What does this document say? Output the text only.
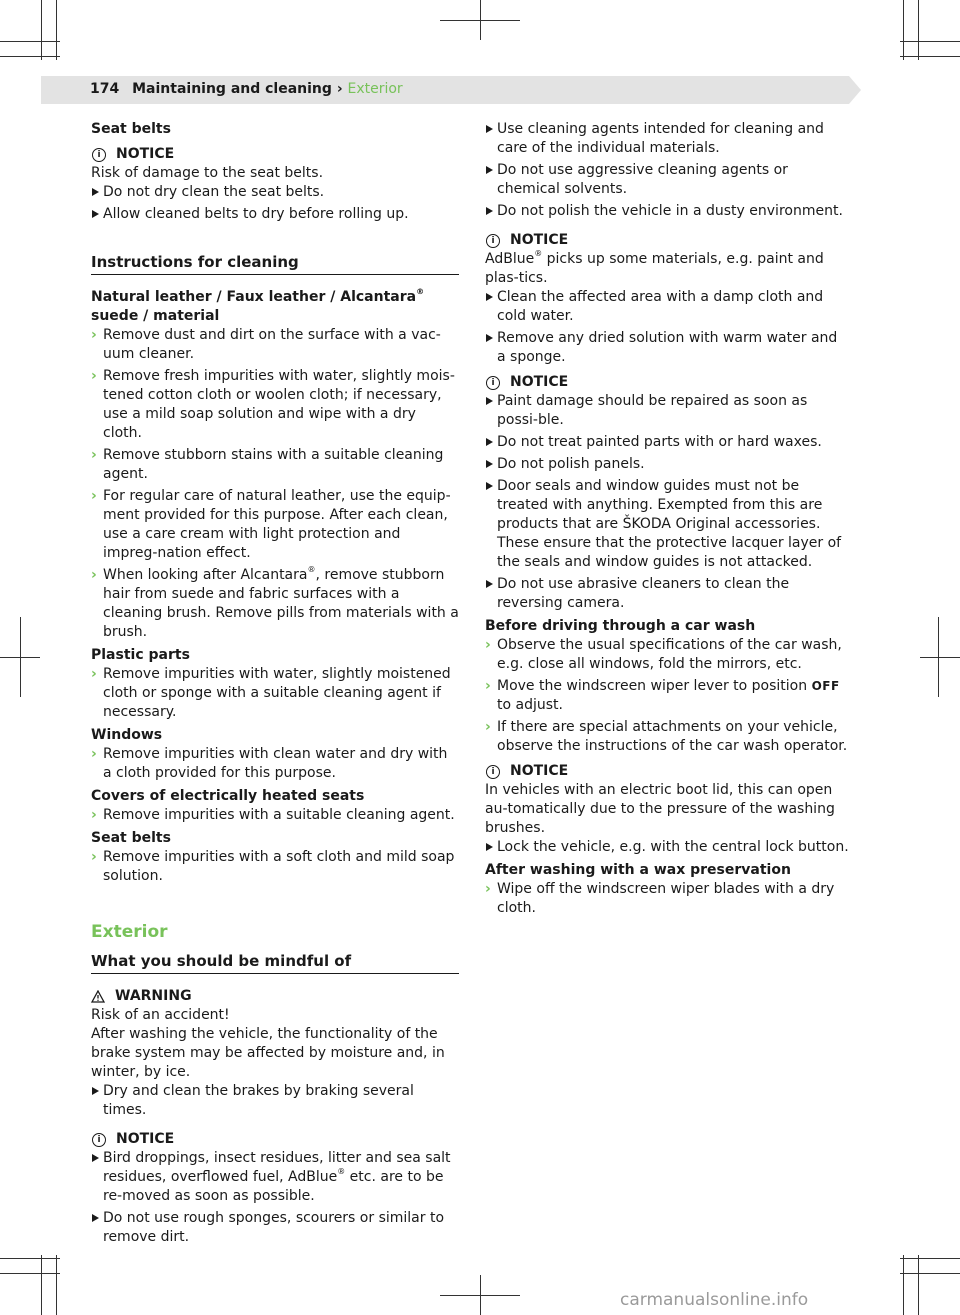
174 Maintaining and cleaning › Exterior

Seat belts

i	NOTICE

Risk of damage to the seat belts.

Do not dry clean the seat belts.

Allow cleaned belts to dry before rolling up.

Instructions for cleaning

Natural leather / Faux leather / Alcantara® suede / material

› Remove dust and dirt on the surface with a vac-uum cleaner.

› Remove fresh impurities with water, slightly mois-tened cotton cloth or woolen cloth; if necessary, use a mild soap solution and wipe with a dry cloth.

› Remove stubborn stains with a suitable cleaning agent.

› For regular care of natural leather, use the equip-ment provided for this purpose. After each clean, use a care cream with light protection and impreg-nation effect.

› When looking after Alcantara®, remove stubborn hair from suede and fabric surfaces with a cleaning brush. Remove pills from materials with a brush.

Plastic parts

› Remove impurities with water, slightly moistened cloth or sponge with a suitable cleaning agent if necessary.

Windows

› Remove impurities with clean water and dry with a cloth provided for this purpose.

Covers of electrically heated seats

› Remove impurities with a suitable cleaning agent.

Seat belts

› Remove impurities with a soft cloth and mild soap solution.

Exterior
What you should be mindful of
WARNING

Risk of an accident!

After washing the vehicle, the functionality of the brake system may be affected by moisture and, in winter, by ice.

Dry and clean the brakes by braking several times.

i	NOTICE

Bird droppings, insect residues, litter and sea salt residues, overflowed fuel, AdBlue® etc. are to be re-moved as soon as possible.

Do not use rough sponges, scourers or similar to remove dirt.

Use cleaning agents intended for cleaning and care of the individual materials.

Do not use aggressive cleaning agents or chemical solvents.

Do not polish the vehicle in a dusty environment.

i	NOTICE

AdBlue® picks up some materials, e.g. paint and plas-tics.

Clean the affected area with a damp cloth and cold water.

Remove any dried solution with warm water and a sponge.

i	NOTICE

Paint damage should be repaired as soon as possi-ble.

Do not treat painted parts with or hard waxes.

Do not polish panels.

Door seals and window guides must not be treated with anything. Exempted from this are products that are ŠKODA Original accessories. These ensure that the protective lacquer layer of the seals and window guides is not attacked.

Do not use abrasive cleaners to clean the reversing camera.

Before driving through a car wash

› Observe the usual specifications of the car wash, e.g. close all windows, fold the mirrors, etc.

› Move the windscreen wiper lever to position OFF to adjust.

› If there are special attachments on your vehicle, observe the instructions of the car wash operator.

i	NOTICE

In vehicles with an electric boot lid, this can open au-tomatically due to the pressure of the washing brushes.

Lock the vehicle, e.g. with the central lock button.

After washing with a wax preservation

› Wipe off the windscreen wiper blades with a dry cloth.

carmanualsonline.info
